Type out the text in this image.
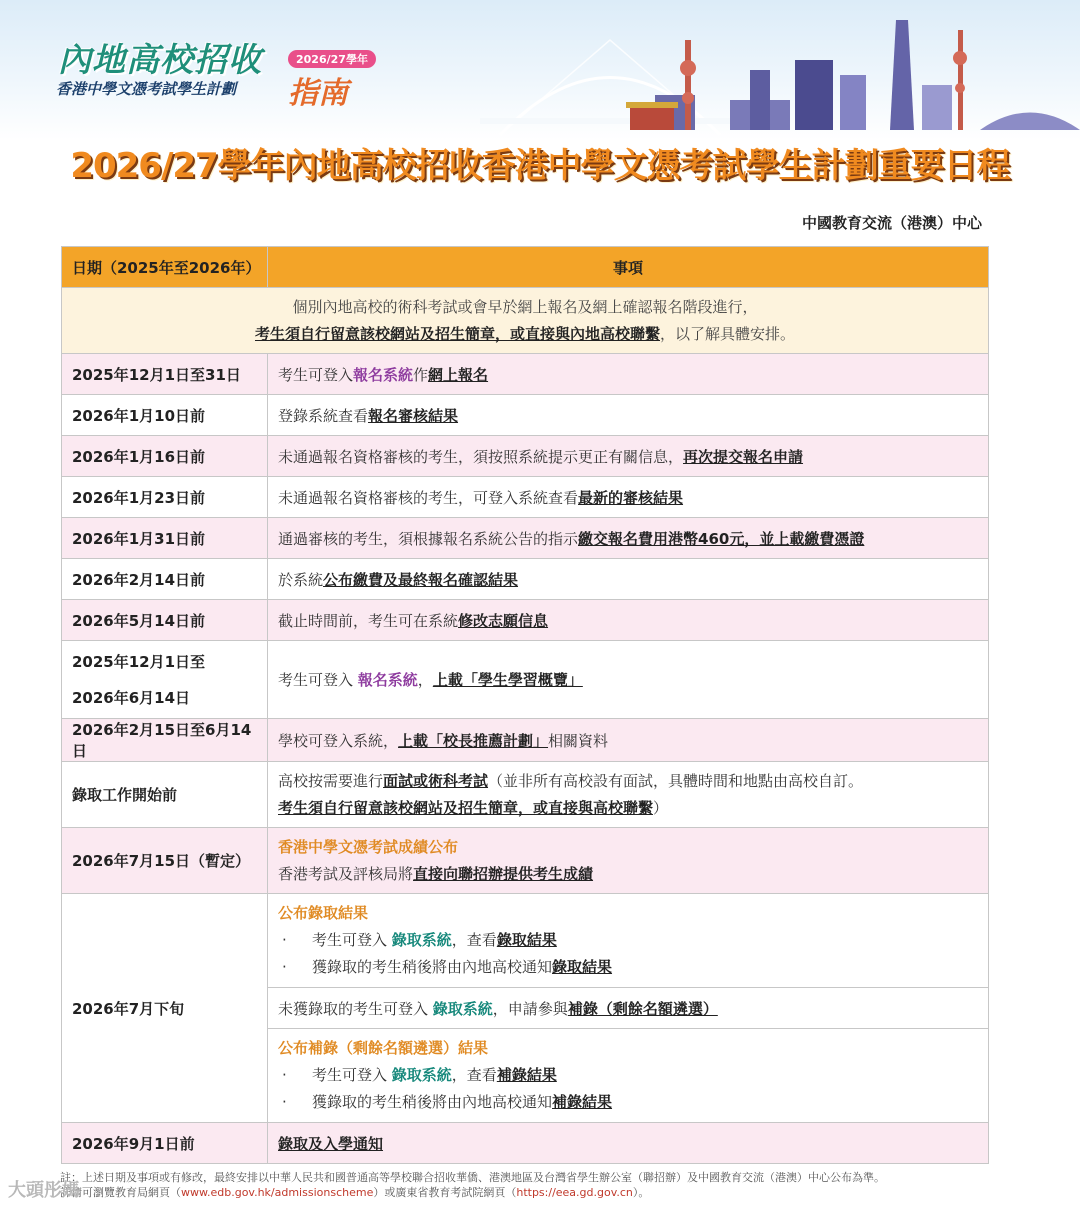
內地高校招收
香港中學文憑考試學生計劃
2026/27學年
指南
2026/27學年內地高校招收香港中學文憑考試學生計劃重要日程
中國教育交流（港澳）中心
日期（2025年至2026年）	事項
個別內地高校的術科考試或會早於網上報名及網上確認報名階段進行，
考生須自行留意該校網站及招生簡章，或直接與內地高校聯繫，以了解具體安排。	
2025年12月1日至31日	考生可登入報名系統作網上報名
2026年1月10日前	登錄系統查看報名審核結果
2026年1月16日前	未通過報名資格審核的考生，須按照系統提示更正有關信息，再次提交報名申請
2026年1月23日前	未通過報名資格審核的考生，可登入系統查看最新的審核結果
2026年1月31日前	通過審核的考生，須根據報名系統公告的指示繳交報名費用港幣460元，並上載繳費憑證
2026年2月14日前	於系統公布繳費及最終報名確認結果
2026年5月14日前	截止時間前，考生可在系統修改志願信息
2025年12月1日至
2026年6月14日	考生可登入 報名系統，上載「學生學習概覽」
2026年2月15日至6月14日	學校可登入系統，上載「校長推薦計劃」相關資料
錄取工作開始前	高校按需要進行面試或術科考試（並非所有高校設有面試，具體時間和地點由高校自訂。
考生須自行留意該校網站及招生簡章，或直接與高校聯繫）
2026年7月15日（暫定）	香港中學文憑考試成績公布
香港考試及評核局將直接向聯招辦提供考生成績
2026年7月下旬	公布錄取結果

· 考生可登入 錄取系統，查看錄取結果
· 獲錄取的考生稍後將由內地高校通知錄取結果

	未獲錄取的考生可登入 錄取系統，申請參與補錄（剩餘名額遴選）
	公布補錄（剩餘名額遴選）結果

· 考生可登入 錄取系統，查看補錄結果
· 獲錄取的考生稍後將由內地高校通知補錄結果

2026年9月1日前	錄取及入學通知
註：上述日期及事項或有修改，最終安排以中華人民共和國普通高等學校聯合招收華僑、港澳地區及台灣省學生辦公室（聯招辦）及中國教育交流（港澳）中心公布為準。
詳情可瀏覽教育局網頁（www.edb.gov.hk/admissionscheme）或廣東省教育考試院網頁（https://eea.gd.gov.cn）。
大頭彤媽
